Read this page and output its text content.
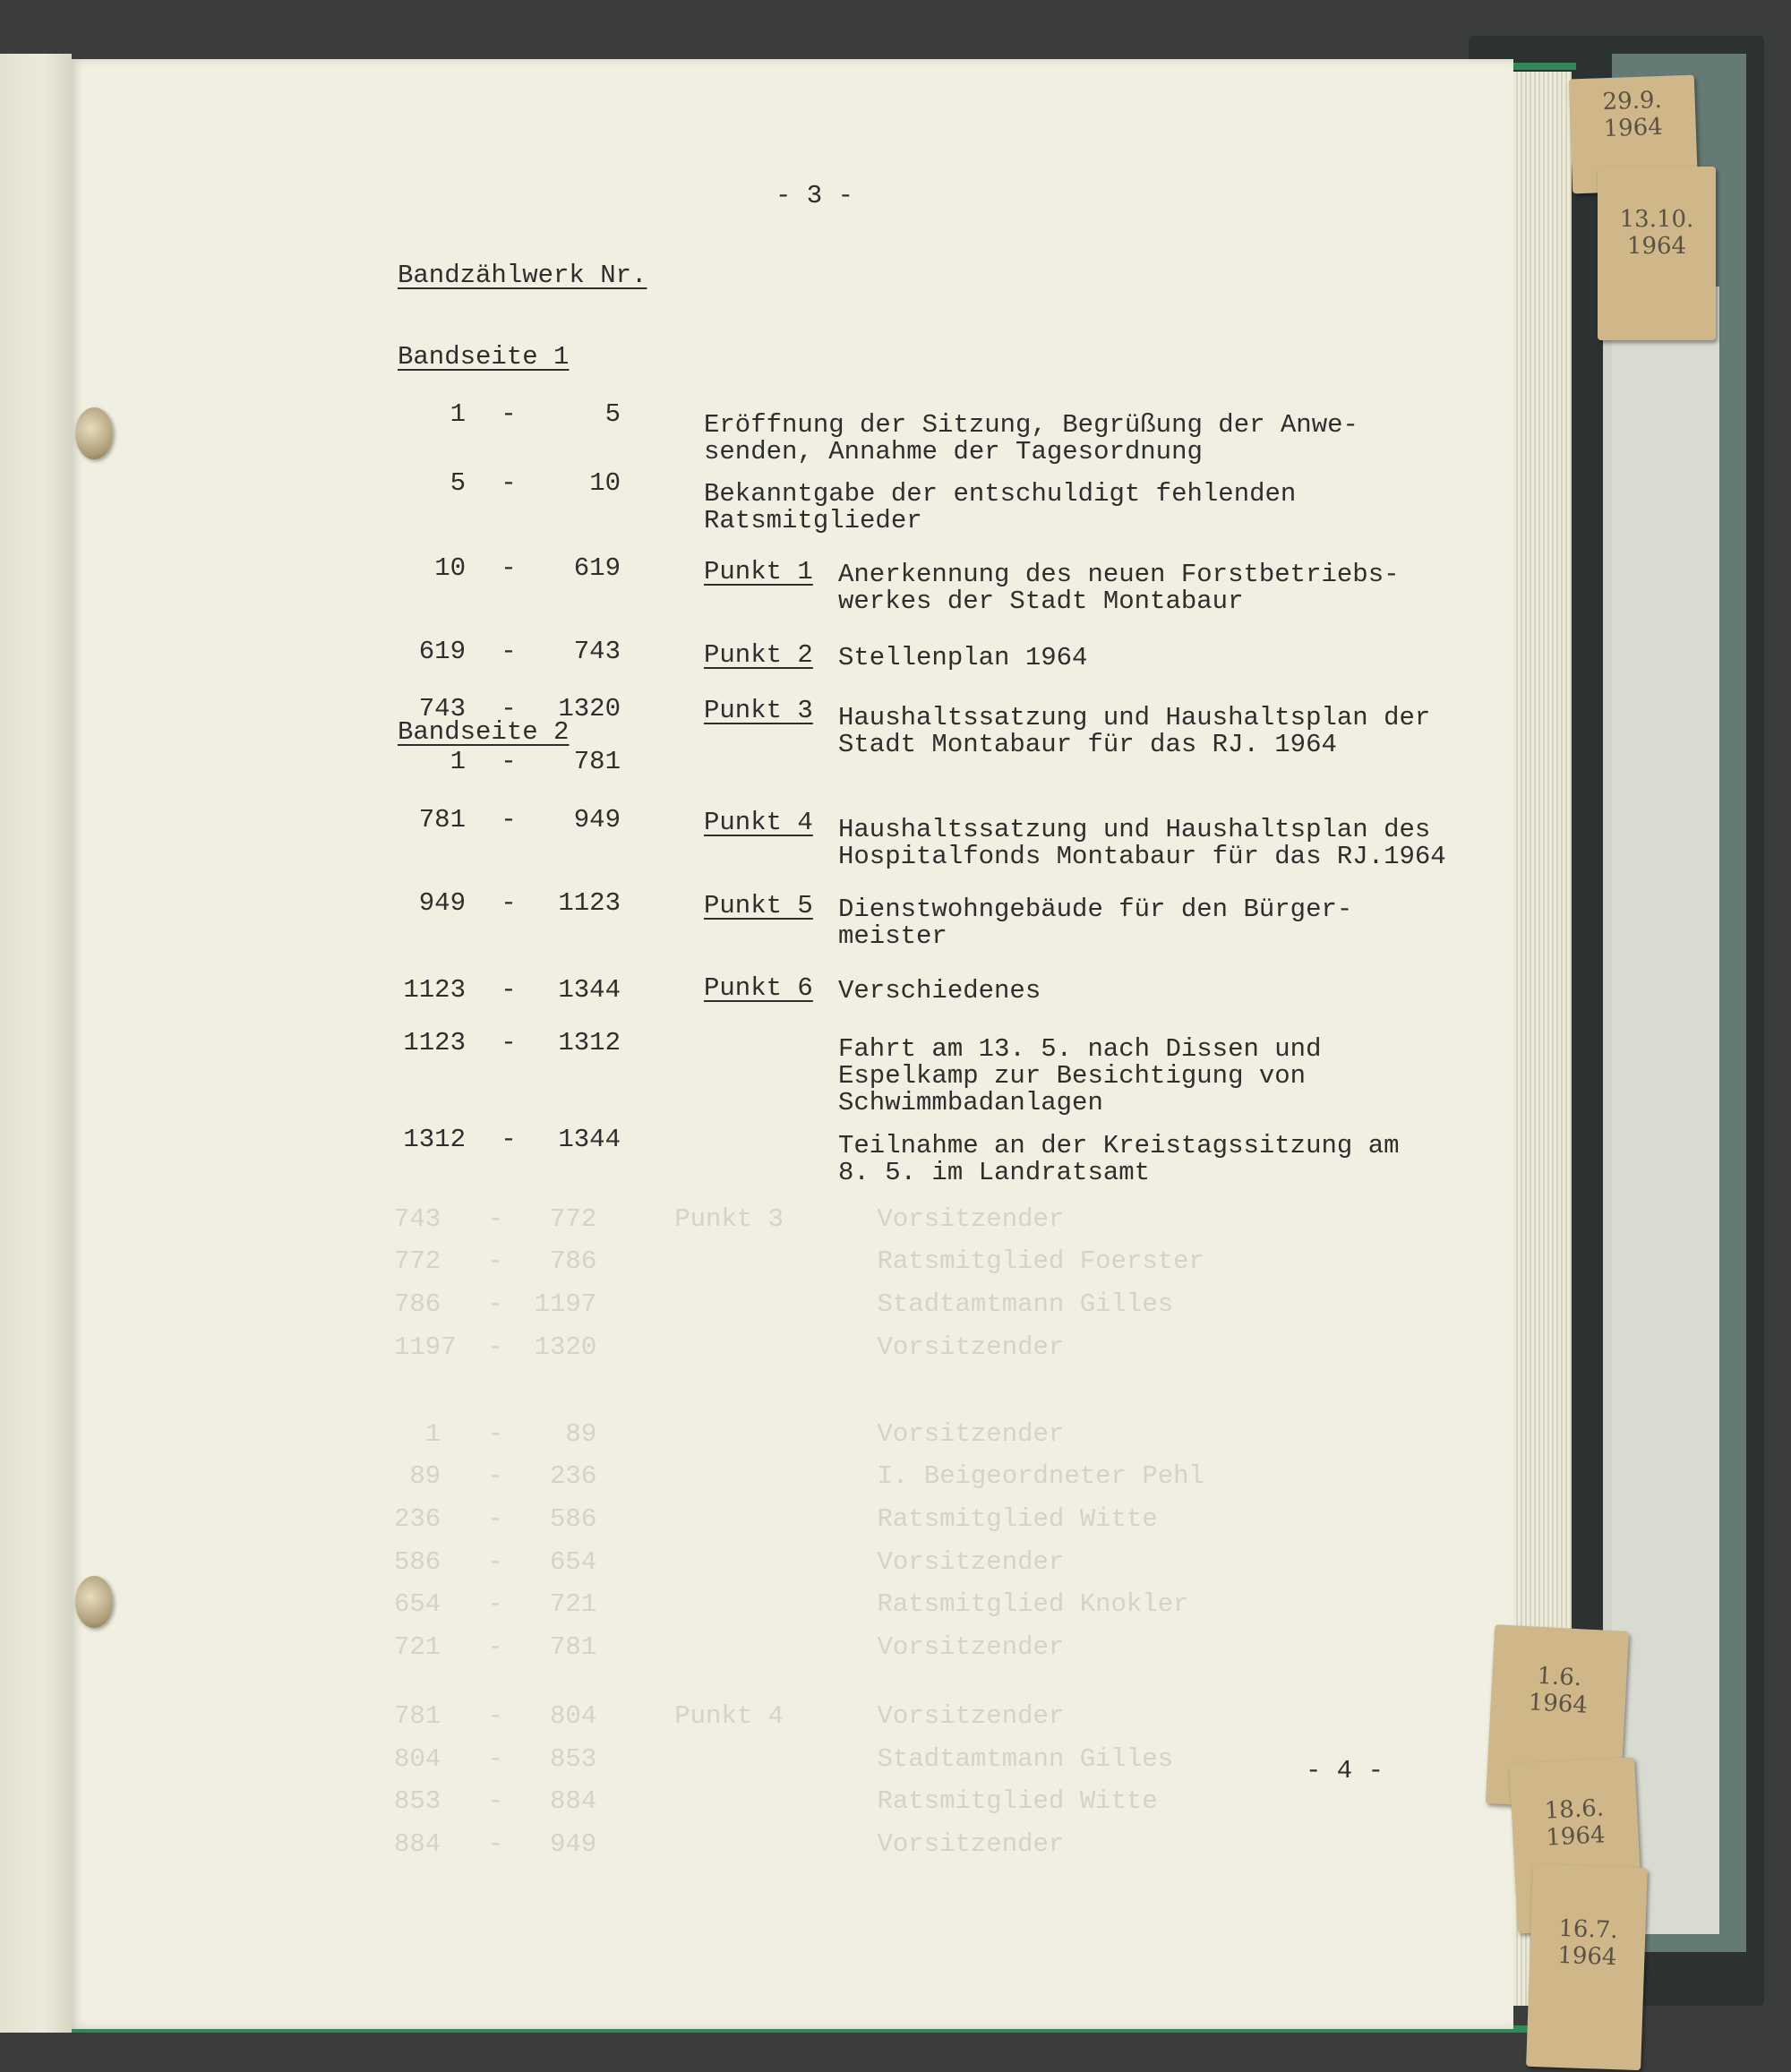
- 3 -
Bandzählwerk Nr.
Bandseite 1
Bandseite 2
1 -	5	Eröffnung der Sitzung, Begrüßung der Anwe-
senden, Annahme der Tagesordnung
5 -	10	Bekanntgabe der entschuldigt fehlenden
Ratsmitglieder
10 -	619	Punkt 1 Anerkennung des neuen Forstbetriebs-
werkes der Stadt Montabaur
619 -	743	Punkt 2 Stellenplan 1964
743 -	1320	Punkt 3 Haushaltssatzung und Haushaltsplan der
Stadt Montabaur für das RJ. 1964
1 -	781
781 -	949	Punkt 4 Haushaltssatzung und Haushaltsplan des
Hospitalfonds Montabaur für das RJ.1964
949 -	1123	Punkt 5 Dienstwohngebäude für den Bürger-
meister
1123 -	1344	Punkt 6 Verschiedenes
1123 -	1312	Fahrt am 13. 5. nach Dissen und
Espelkamp zur Besichtigung von
Schwimmbadanlagen
1312 -	1344	Teilnahme an der Kreistagssitzung am
8. 5. im Landratsamt
743   -   772     Punkt 3      Vorsitzender
772   -   786                  Ratsmitglied Foerster
786   -  1197                  Stadtamtmann Gilles
1197  -  1320                  Vorsitzender
1   -    89                  Vorsitzender
89   -   236                  I. Beigeordneter Pehl
236   -   586                  Ratsmitglied Witte
586   -   654                  Vorsitzender
654   -   721                  Ratsmitglied Knokler
721   -   781                  Vorsitzender
781   -   804     Punkt 4      Vorsitzender
804   -   853                  Stadtamtmann Gilles
853   -   884                  Ratsmitglied Witte
884   -   949                  Vorsitzender
- 4 -
29.9.
1964
13.10.
1964
1.6.
1964
18.6.
1964
16.7.
1964
